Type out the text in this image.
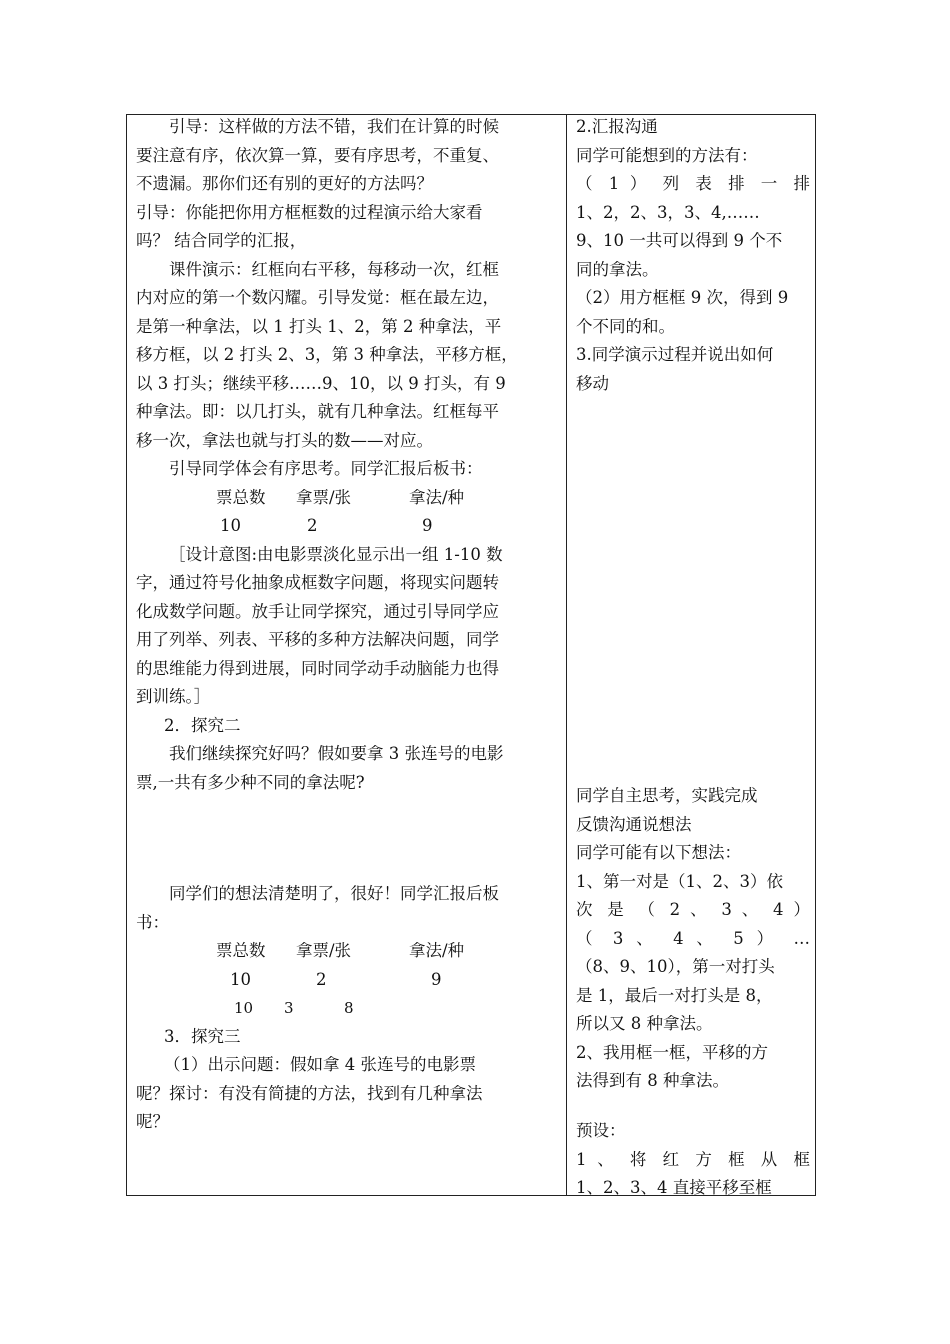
引导：这样做的方法不错，我们在计算的时候

要注意有序，依次算一算，要有序思考，不重复、

不遗漏。那你们还有别的更好的方法吗？

引导：你能把你用方框框数的过程演示给大家看

吗？ 结合同学的汇报，

课件演示：红框向右平移，每移动一次，红框

内对应的第一个数闪耀。引导发觉：框在最左边，

是第一种拿法，以 1 打头 1、2，第 2 种拿法，平

移方框，以 2 打头 2、3，第 3 种拿法，平移方框，

以 3 打头；继续平移……9、10，以 9 打头，有 9

种拿法。即：以几打头，就有几种拿法。红框每平

移一次，拿法也就与打头的数——对应。

引导同学体会有序思考。同学汇报后板书：

票总数 拿票/张	拿法/种
10	2	9

［设计意图:由电影票淡化显示出一组 1-10 数

字，通过符号化抽象成框数字问题，将现实问题转

化成数学问题。放手让同学探究，通过引导同学应

用了列举、列表、平移的多种方法解决问题，同学

的思维能力得到进展，同时同学动手动脑能力也得

到训练。］

2．探究二

我们继续探究好吗？假如要拿 3 张连号的电影

票,一共有多少种不同的拿法呢?

同学们的想法清楚明了，很好！同学汇报后板

书：

票总数 拿票/张	拿法/种
10	2	9
10 3	8

3．探究三

（1）出示问题：假如拿 4 张连号的电影票

呢？探讨：有没有简捷的方法，找到有几种拿法

呢？

2.汇报沟通

同学可能想到的方法有：

（ 1 ） 列 表 排 一 排

1、2，2、3，3、4,……

9、10 一共可以得到 9 个不

同的拿法。

（2）用方框框 9 次，得到 9

个不同的和。

3.同学演示过程并说出如何

移动

同学自主思考，实践完成

反馈沟通说想法

同学可能有以下想法：

1、第一对是（1、2、3）依

次 是 （ 2 、 3 、 4 ）

（ 3 、 4 、 5 ） …

（8、9、10），第一对打头

是 1，最后一对打头是 8，

所以又 8 种拿法。

2、我用框一框，平移的方

法得到有 8 种拿法。

预设：

1 、 将 红 方 框 从 框

1、2、3、4 直接平移至框
